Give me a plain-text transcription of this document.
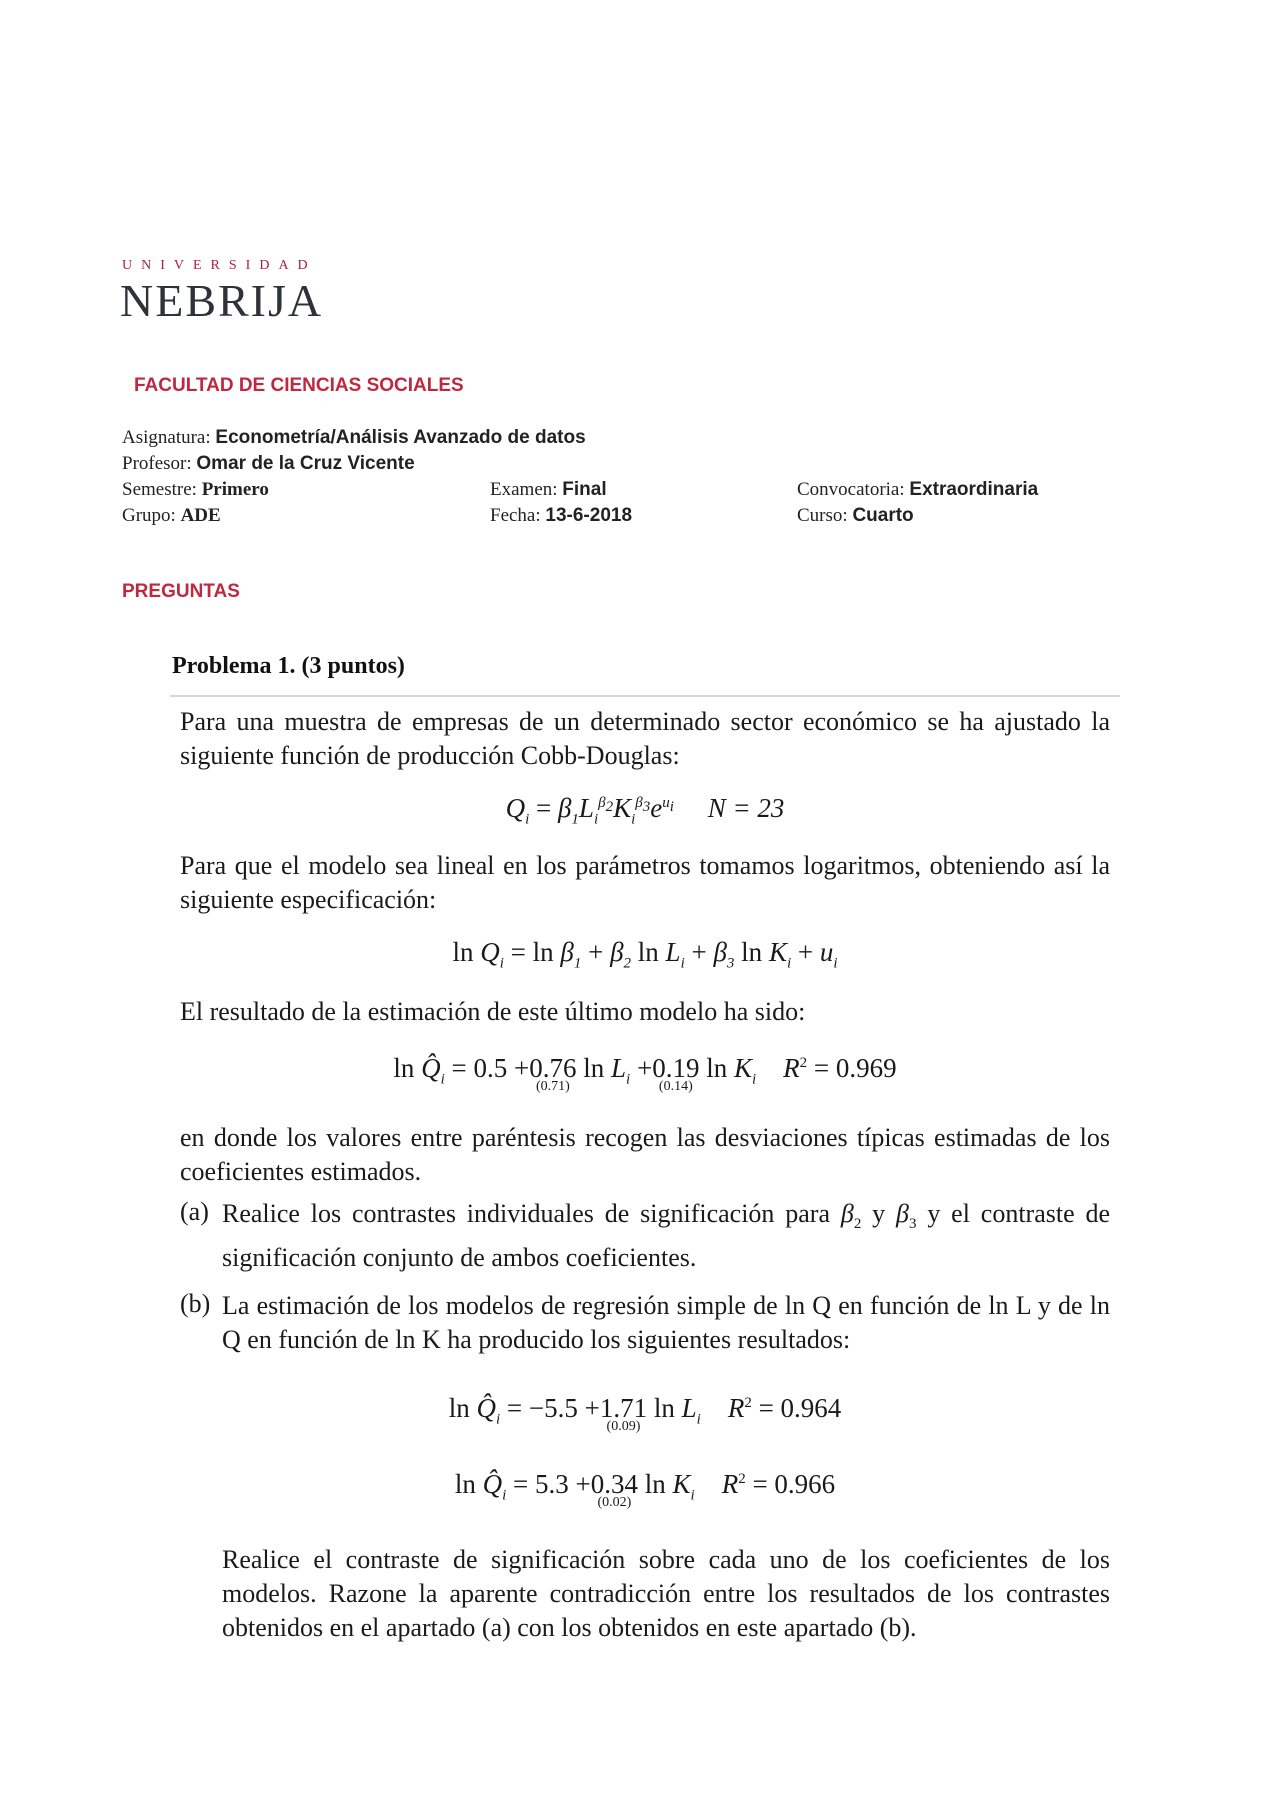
UNIVERSIDAD
NEBRIJA
FACULTAD DE CIENCIAS SOCIALES
Asignatura: Econometría/Análisis Avanzado de datos
Profesor: Omar de la Cruz Vicente
Semestre: Primero	Examen: Final	Convocatoria: Extraordinaria
Grupo: ADE	Fecha: 13-6-2018	Curso: Cuarto
PREGUNTAS
Problema 1. (3 puntos)

Para una muestra de empresas de un determinado sector económico se ha ajustado la siguiente función de producción Cobb-Douglas:

$Q_i = \beta_1L_i^{\beta_2}K_i^{\beta_3}e^{u_i}$ N = 23

Para que el modelo sea lineal en los parámetros tomamos logaritmos, obteniendo así la siguiente especificación:

$\ln Q_i = \ln \beta_1 + \beta_2$ $\ln L_i + \beta_3$ $\ln K_i + u_i$

El resultado de la estimación de este último modelo ha sido:

$\ln Q̂_i = 0.5 +0.76$
(0.71)
$\ln L_i +0.19$
(0.14)
$\ln K_i$    $R^2 = 0.969$

en donde los valores entre paréntesis recogen las desviaciones típicas estimadas de los coeficientes estimados.

(a) Realice los contrastes individuales de significación para $\beta_2$ y $\beta_3$ y el contraste de significación conjunto de ambos coeficientes.

(b) La estimación de los modelos de regresión simple de ln Q en función de ln L y de ln Q en función de ln K ha producido los siguientes resultados:

$\ln Q̂_i = -5.5 +1.71$
(0.09)
$\ln L_i$    $R^2 = 0.964$
$\ln Q̂_i = 5.3 +0.34$
(0.02)
$\ln K_i$    $R^2 = 0.966$

Realice el contraste de significación sobre cada uno de los coeficientes de los modelos. Razone la aparente contradicción entre los resultados de los contrastes obtenidos en el apartado (a) con los obtenidos en este apartado (b).
